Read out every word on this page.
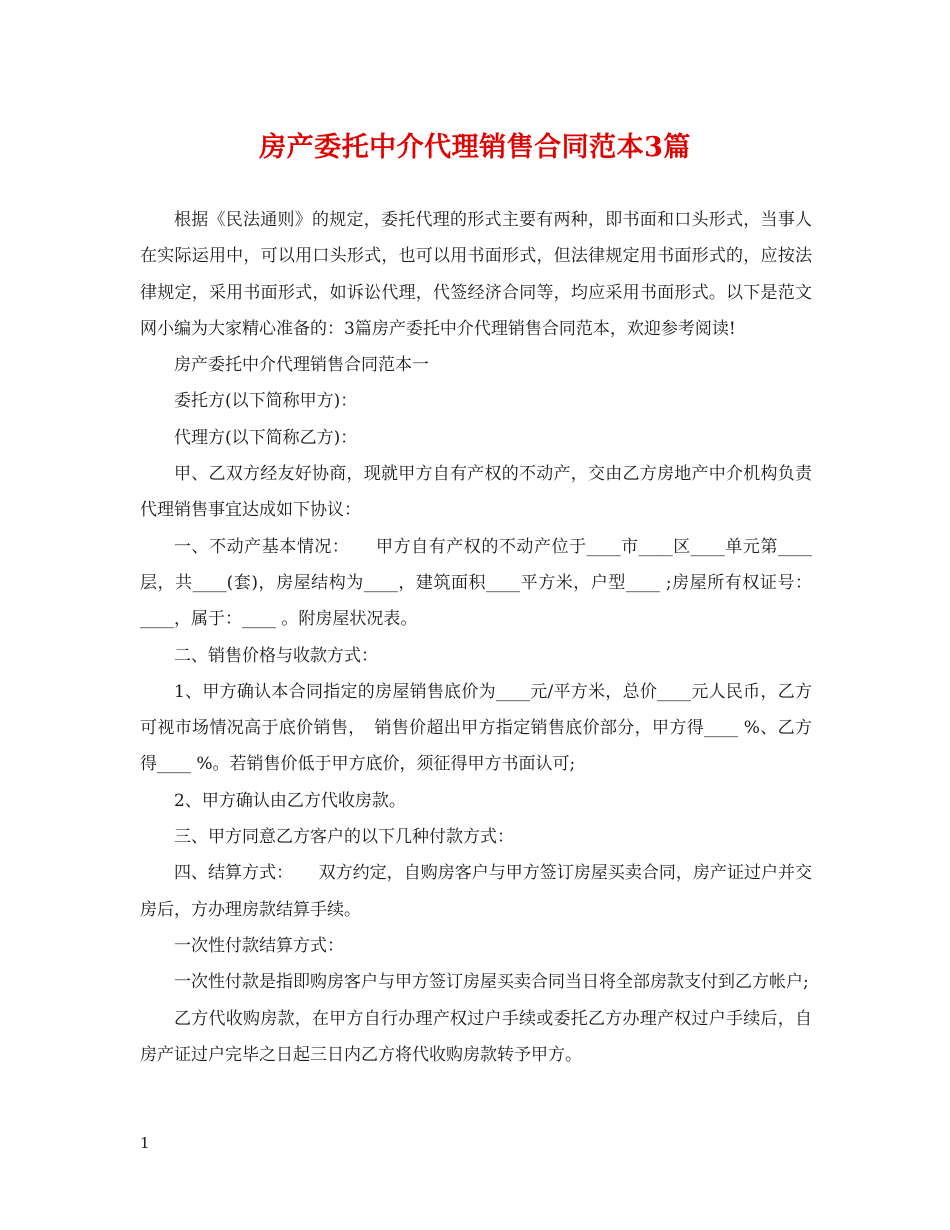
房产委托中介代理销售合同范本3篇

根据《民法通则》的规定，委托代理的形式主要有两种，即书面和口头形式，当事人在实际运用中，可以用口头形式，也可以用书面形式，但法律规定用书面形式的，应按法律规定，采用书面形式，如诉讼代理，代签经济合同等，均应采用书面形式。以下是范文网小编为大家精心准备的：3篇房产委托中介代理销售合同范本，欢迎参考阅读!

房产委托中介代理销售合同范本一

委托方(以下简称甲方)：

代理方(以下简称乙方)：

甲、乙双方经友好协商，现就甲方自有产权的不动产，交由乙方房地产中介机构负责代理销售事宜达成如下协议：

一、不动产基本情况：　　甲方自有产权的不动产位于____市____区____单元第____层，共____(套)，房屋结构为____，建筑面积____平方米，户型____ ;房屋所有权证号：____，属于：____ 。附房屋状况表。

二、销售价格与收款方式：

1、甲方确认本合同指定的房屋销售底价为____元/平方米，总价____元人民币，乙方可视市场情况高于底价销售，　销售价超出甲方指定销售底价部分，甲方得____ %、乙方得____ %。若销售价低于甲方底价，须征得甲方书面认可;

2、甲方确认由乙方代收房款。

三、甲方同意乙方客户的以下几种付款方式：

四、结算方式：　　双方约定，自购房客户与甲方签订房屋买卖合同，房产证过户并交房后，方办理房款结算手续。

一次性付款结算方式：

一次性付款是指即购房客户与甲方签订房屋买卖合同当日将全部房款支付到乙方帐户;

乙方代收购房款，在甲方自行办理产权过户手续或委托乙方办理产权过户手续后，自房产证过户完毕之日起三日内乙方将代收购房款转予甲方。

1
